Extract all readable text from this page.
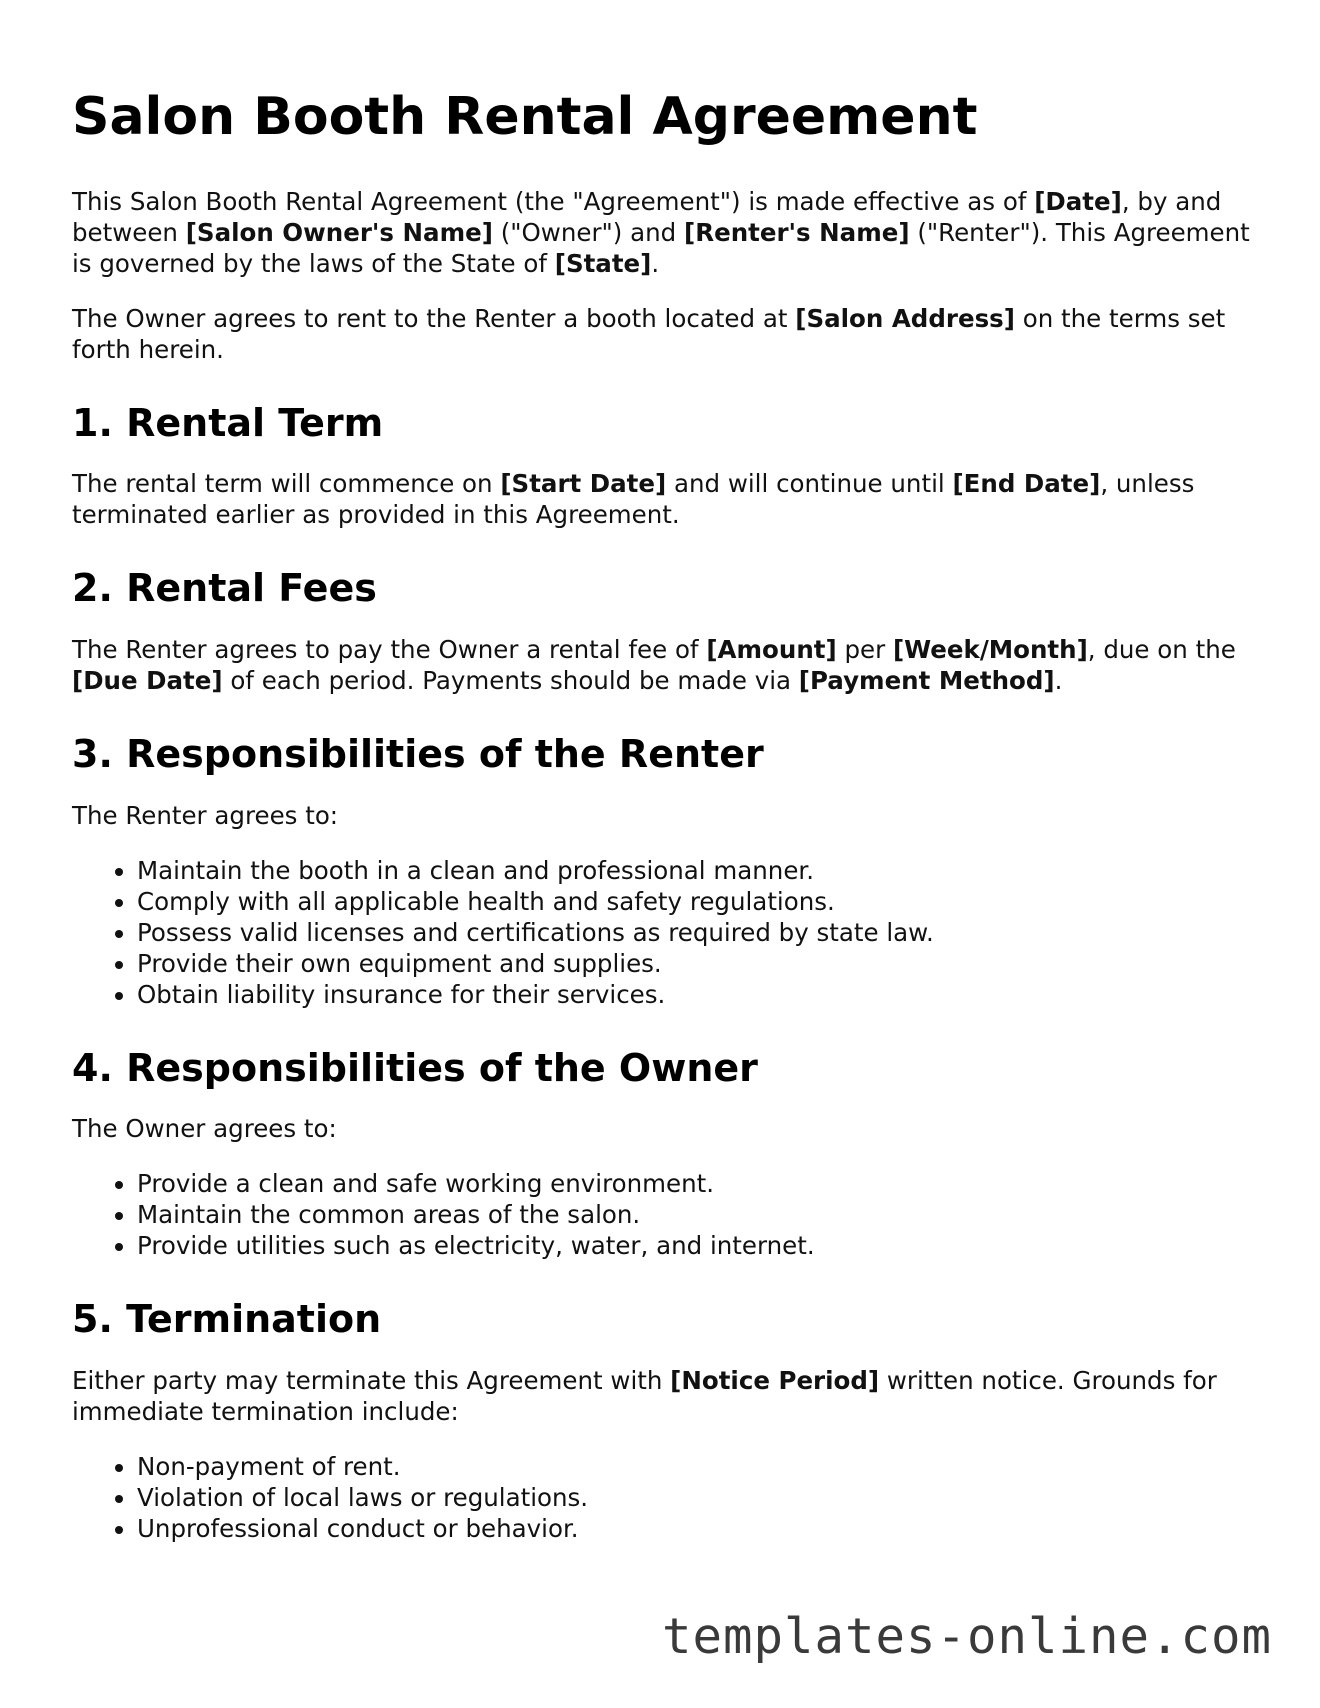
Salon Booth Rental Agreement

This Salon Booth Rental Agreement (the "Agreement") is made effective as of [Date], by and between [Salon Owner's Name] ("Owner") and [Renter's Name] ("Renter"). This Agreement is governed by the laws of the State of [State].

The Owner agrees to rent to the Renter a booth located at [Salon Address] on the terms set forth herein.

1. Rental Term

The rental term will commence on [Start Date] and will continue until [End Date], unless terminated earlier as provided in this Agreement.

2. Rental Fees

The Renter agrees to pay the Owner a rental fee of [Amount] per [Week/Month], due on the [Due Date] of each period. Payments should be made via [Payment Method].

3. Responsibilities of the Renter

The Renter agrees to:

• Maintain the booth in a clean and professional manner.
• Comply with all applicable health and safety regulations.
• Possess valid licenses and certifications as required by state law.
• Provide their own equipment and supplies.
• Obtain liability insurance for their services.
4. Responsibilities of the Owner

The Owner agrees to:

• Provide a clean and safe working environment.
• Maintain the common areas of the salon.
• Provide utilities such as electricity, water, and internet.
5. Termination

Either party may terminate this Agreement with [Notice Period] written notice. Grounds for immediate termination include:

• Non-payment of rent.
• Violation of local laws or regulations.
• Unprofessional conduct or behavior.
templates-online.com
